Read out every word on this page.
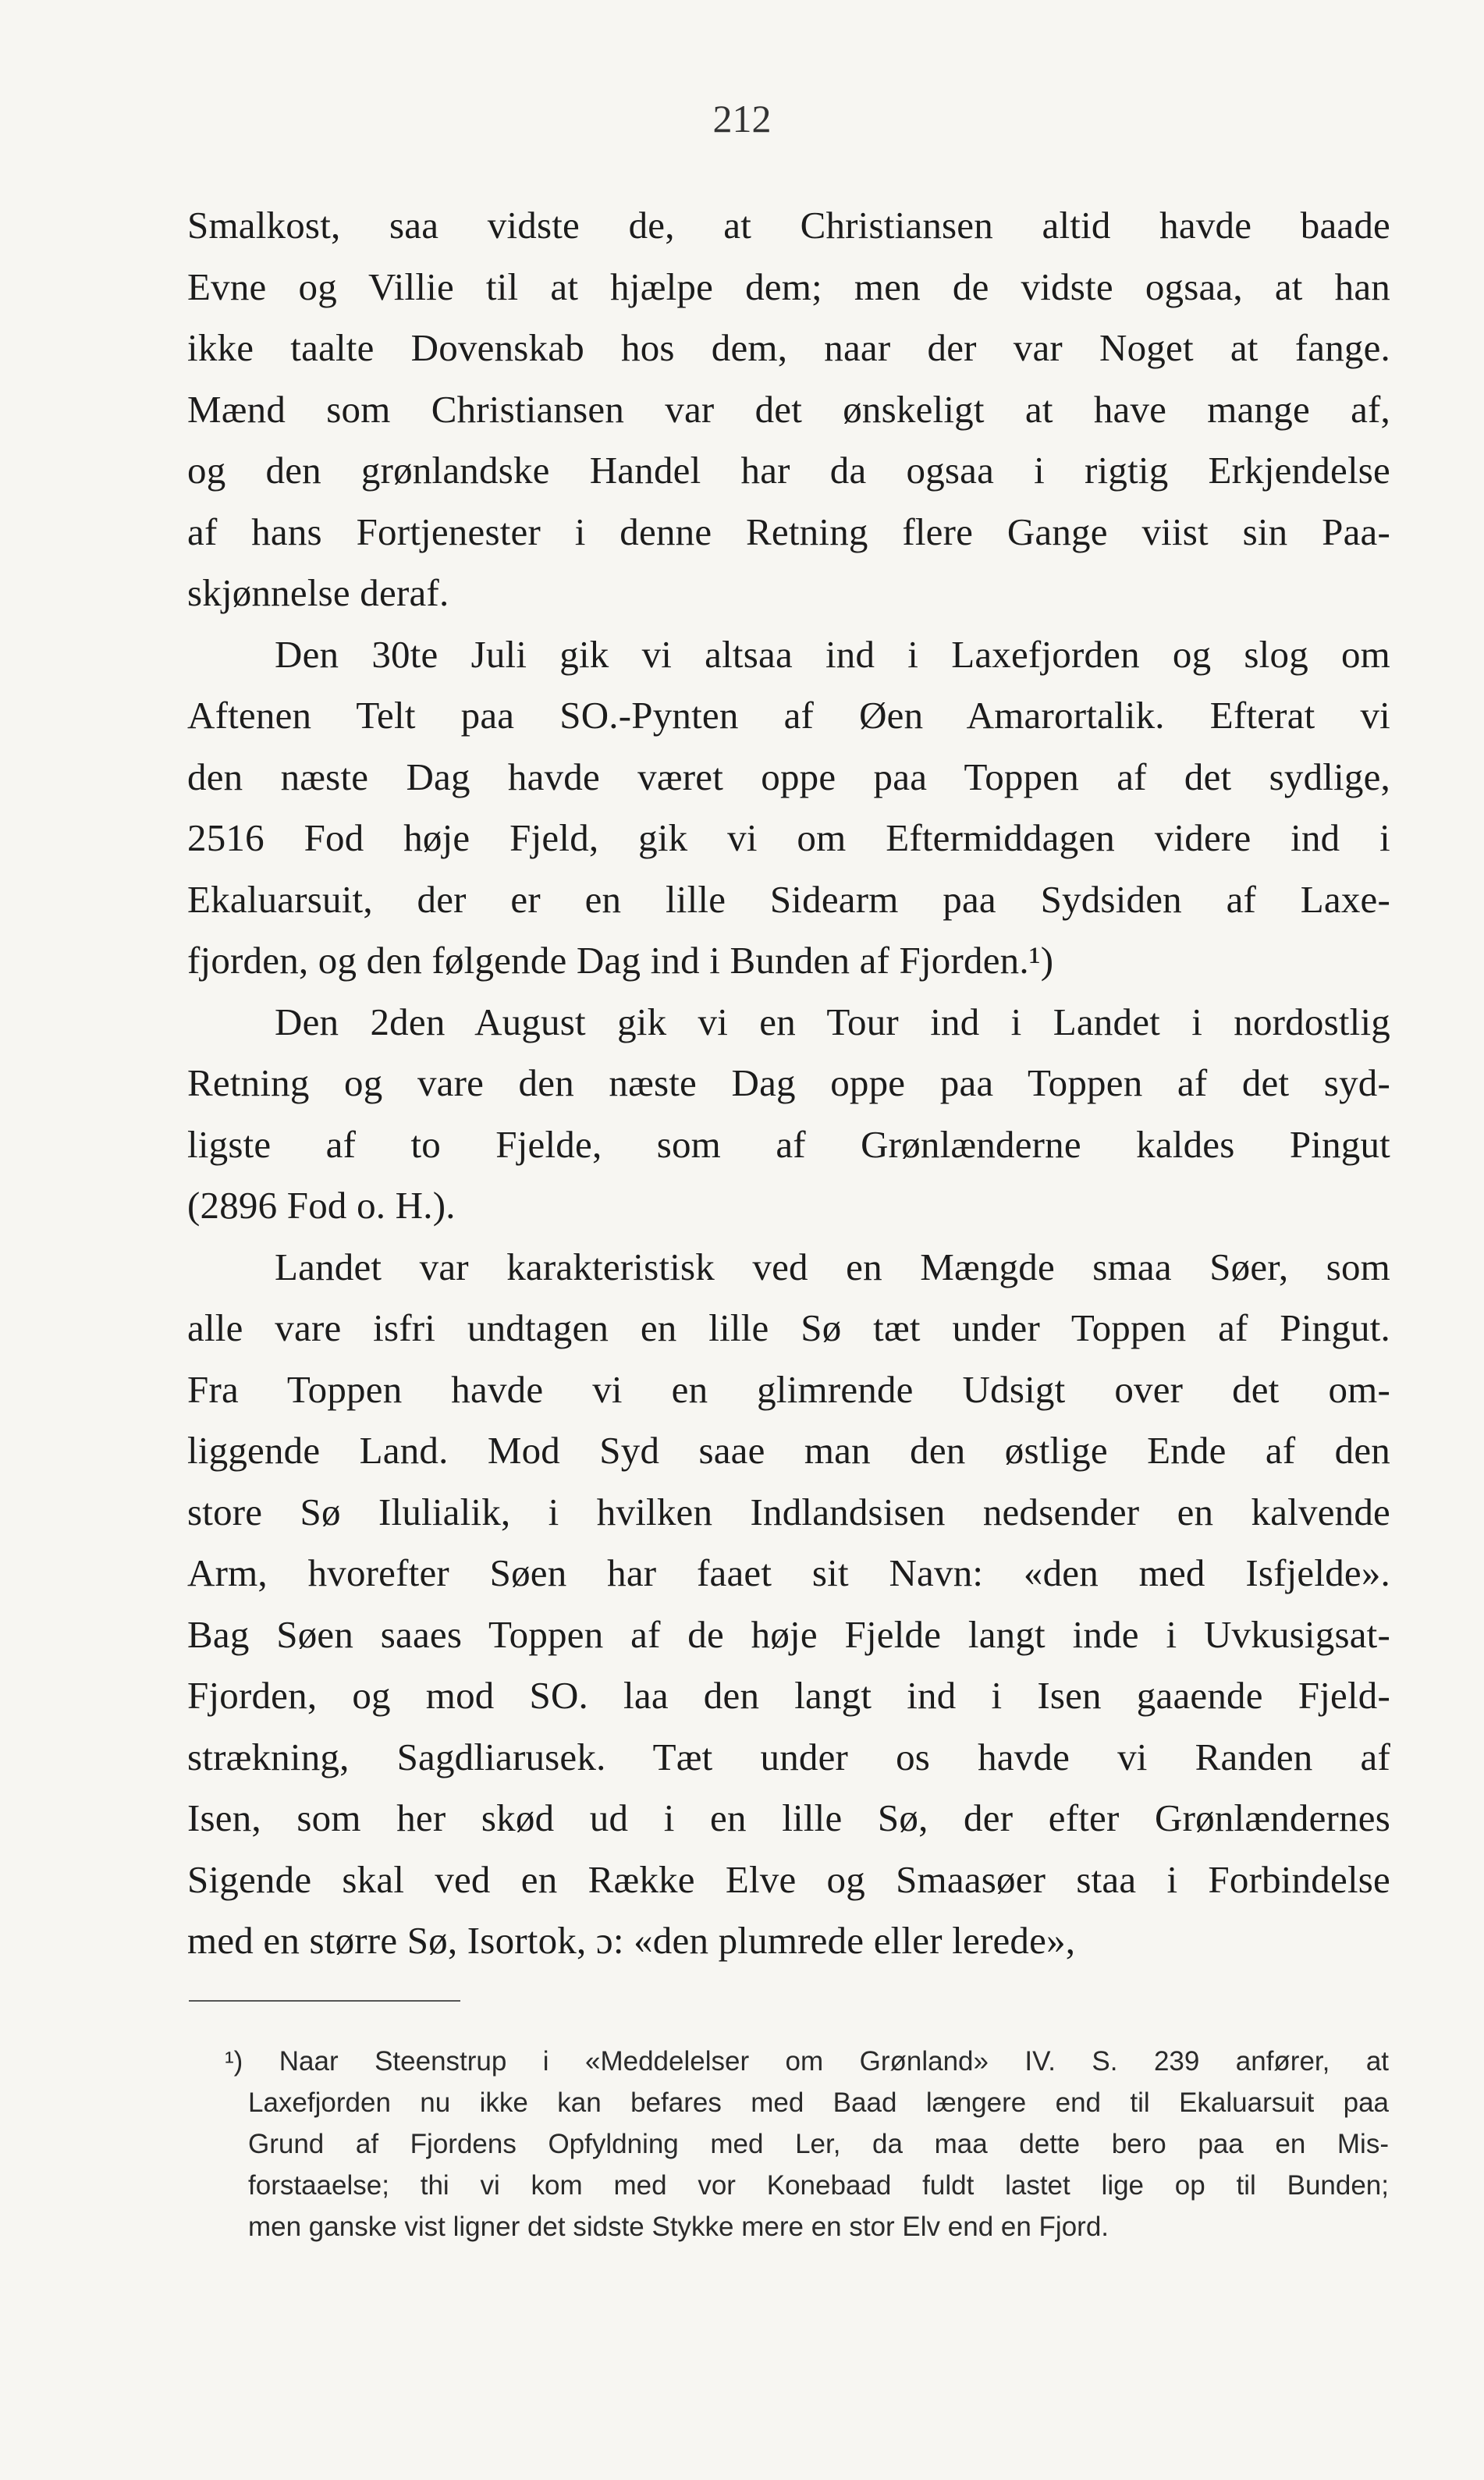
212
Smalkost, saa vidste de, at Christiansen altid havde baade
Evne og Villie til at hjælpe dem; men de vidste ogsaa, at han
ikke taalte Dovenskab hos dem, naar der var Noget at fange.
Mænd som Christiansen var det ønskeligt at have mange af,
og den grønlandske Handel har da ogsaa i rigtig Erkjendelse
af hans Fortjenester i denne Retning flere Gange viist sin Paa-
skjønnelse deraf.
Den 30te Juli gik vi altsaa ind i Laxefjorden og slog om
Aftenen Telt paa SO.-Pynten af Øen Amarortalik. Efterat vi
den næste Dag havde været oppe paa Toppen af det sydlige,
2516 Fod høje Fjeld, gik vi om Eftermiddagen videre ind i
Ekaluarsuit, der er en lille Sidearm paa Sydsiden af Laxe-
fjorden, og den følgende Dag ind i Bunden af Fjorden.¹)
Den 2den August gik vi en Tour ind i Landet i nordostlig
Retning og vare den næste Dag oppe paa Toppen af det syd-
ligste af to Fjelde, som af Grønlænderne kaldes Pingut
(2896 Fod o. H.).
Landet var karakteristisk ved en Mængde smaa Søer, som
alle vare isfri undtagen en lille Sø tæt under Toppen af Pingut.
Fra Toppen havde vi en glimrende Udsigt over det om-
liggende Land. Mod Syd saae man den østlige Ende af den
store Sø Ilulialik, i hvilken Indlandsisen nedsender en kalvende
Arm, hvorefter Søen har faaet sit Navn: «den med Isfjelde».
Bag Søen saaes Toppen af de høje Fjelde langt inde i Uvkusigsat-
Fjorden, og mod SO. laa den langt ind i Isen gaaende Fjeld-
strækning, Sagdliarusek. Tæt under os havde vi Randen af
Isen, som her skød ud i en lille Sø, der efter Grønlændernes
Sigende skal ved en Række Elve og Smaasøer staa i Forbindelse
med en større Sø, Isortok, ɔ: «den plumrede eller lerede»,
¹) Naar Steenstrup i «Meddelelser om Grønland» IV. S. 239 anfører, at
Laxefjorden nu ikke kan befares med Baad længere end til Ekaluarsuit paa
Grund af Fjordens Opfyldning med Ler, da maa dette bero paa en Mis-
forstaaelse; thi vi kom med vor Konebaad fuldt lastet lige op til Bunden;
men ganske vist ligner det sidste Stykke mere en stor Elv end en Fjord.
